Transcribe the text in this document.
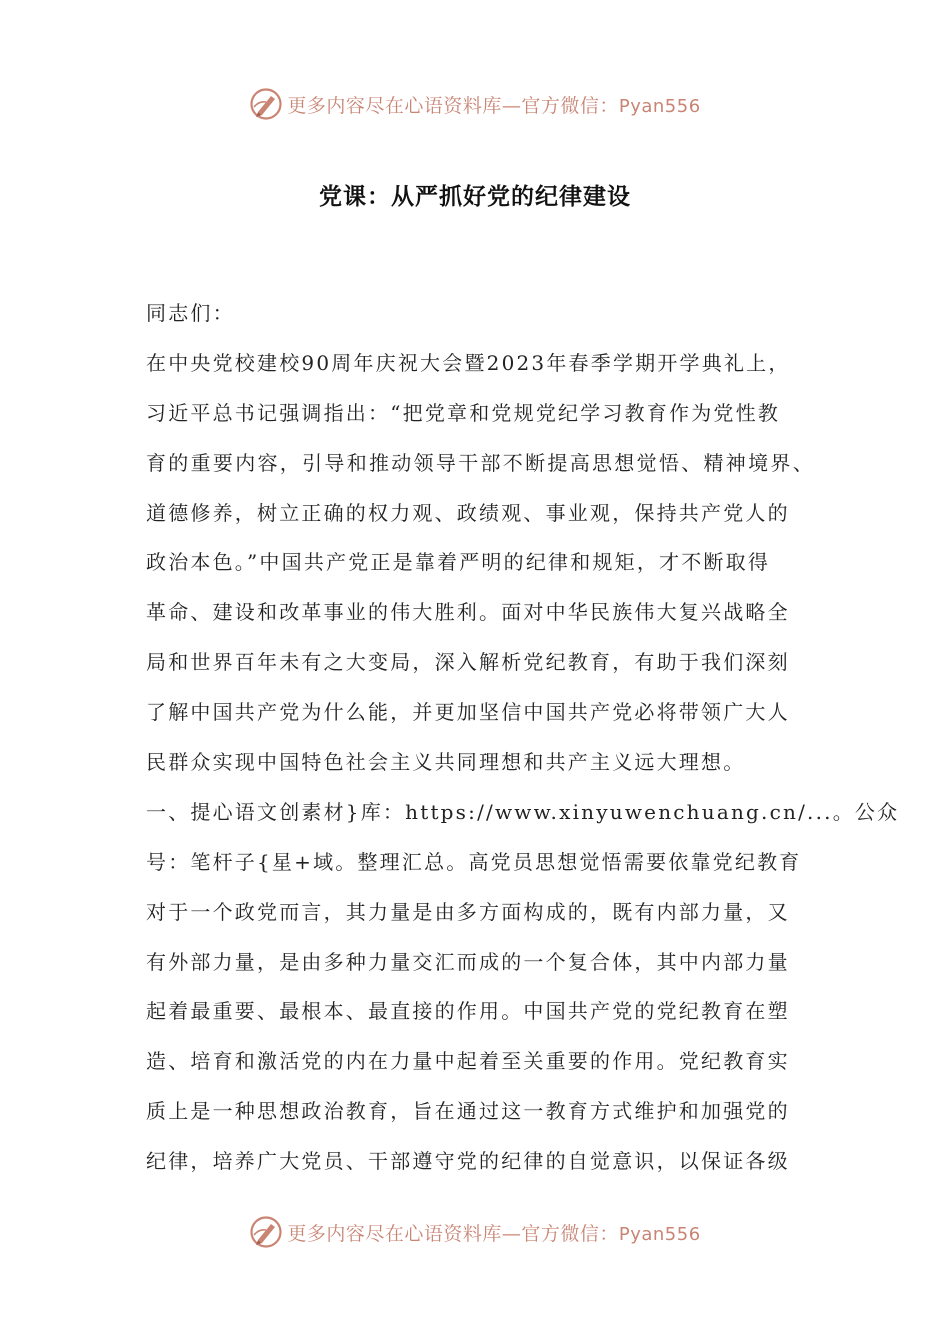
更多内容尽在心语资料库—官方微信：Pyan556
党课：从严抓好党的纪律建设
同志们：
在中央党校建校90周年庆祝大会暨2023年春季学期开学典礼上，
习近平总书记强调指出：“把党章和党规党纪学习教育作为党性教
育的重要内容，引导和推动领导干部不断提高思想觉悟、精神境界、
道德修养，树立正确的权力观、政绩观、事业观，保持共产党人的
政治本色。”中国共产党正是靠着严明的纪律和规矩，才不断取得
革命、建设和改革事业的伟大胜利。面对中华民族伟大复兴战略全
局和世界百年未有之大变局，深入解析党纪教育，有助于我们深刻
了解中国共产党为什么能，并更加坚信中国共产党必将带领广大人
民群众实现中国特色社会主义共同理想和共产主义远大理想。
一、提心语文创素材}库：https://www.xinyuwenchuang.cn/...。公众
号：笔杆子{星+域。整理汇总。高党员思想觉悟需要依靠党纪教育
对于一个政党而言，其力量是由多方面构成的，既有内部力量，又
有外部力量，是由多种力量交汇而成的一个复合体，其中内部力量
起着最重要、最根本、最直接的作用。中国共产党的党纪教育在塑
造、培育和激活党的内在力量中起着至关重要的作用。党纪教育实
质上是一种思想政治教育，旨在通过这一教育方式维护和加强党的
纪律，培养广大党员、干部遵守党的纪律的自觉意识，以保证各级
更多内容尽在心语资料库—官方微信：Pyan556
